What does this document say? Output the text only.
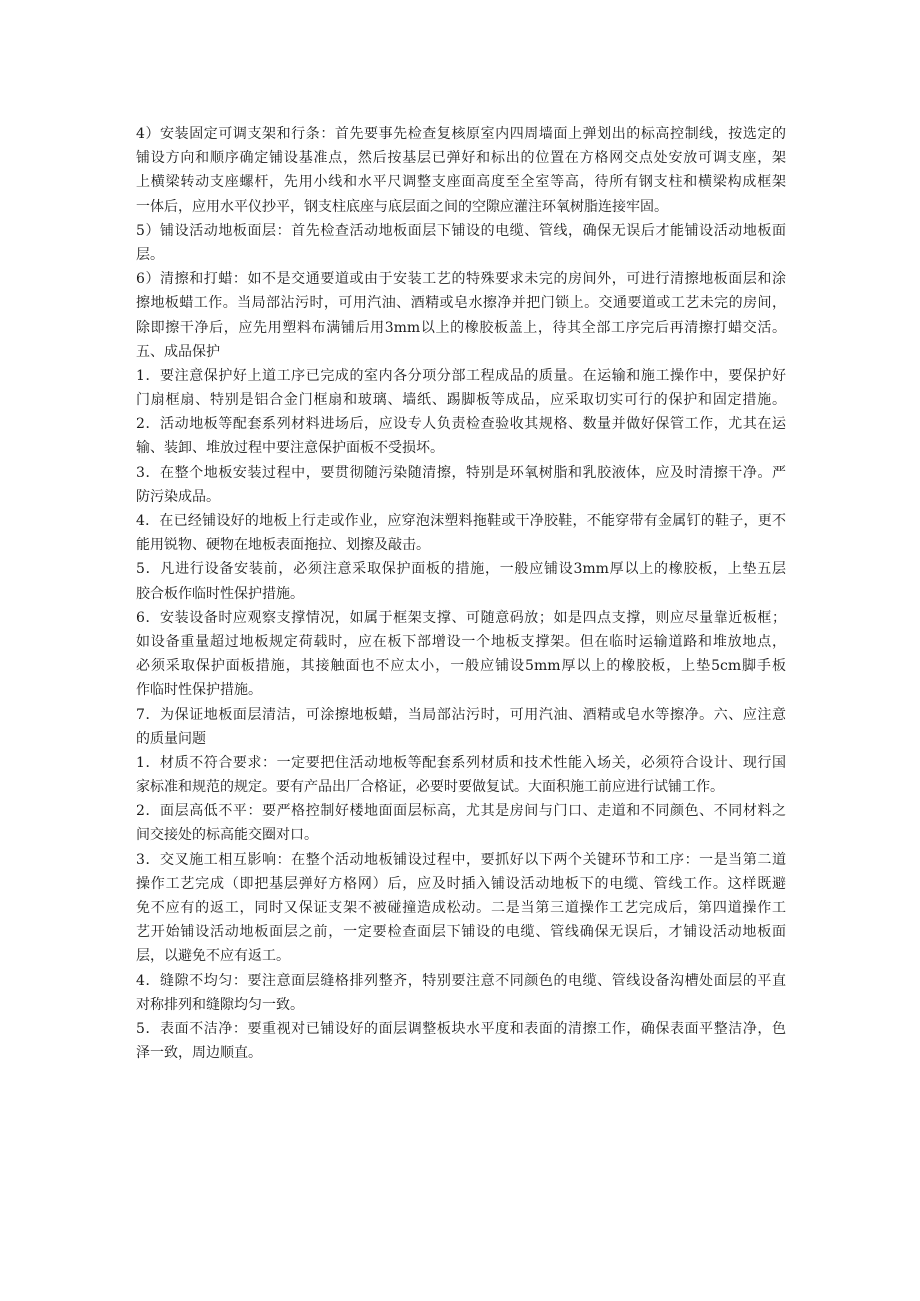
4）安装固定可调支架和行条：首先要事先检查复核原室内四周墙面上弹划出的标高控制线，按选定的
铺设方向和顺序确定铺设基准点，然后按基层已弹好和标出的位置在方格网交点处安放可调支座，架
上横梁转动支座螺杆，先用小线和水平尺调整支座面高度至全室等高，待所有钢支柱和横梁构成框架
一体后，应用水平仪抄平，钢支柱底座与底层面之间的空隙应灌注环氧树脂连接牢固。
5）铺设活动地板面层：首先检查活动地板面层下铺设的电缆、管线，确保无误后才能铺设活动地板面
层。
6）清擦和打蜡：如不是交通要道或由于安装工艺的特殊要求未完的房间外，可进行清擦地板面层和涂
擦地板蜡工作。当局部沾污时，可用汽油、酒精或皂水擦净并把门锁上。交通要道或工艺未完的房间，
除即擦干净后，应先用塑料布满铺后用3mm以上的橡胶板盖上，待其全部工序完后再清擦打蜡交活。
五、成品保护
1．要注意保护好上道工序已完成的室内各分项分部工程成品的质量。在运输和施工操作中，要保护好
门扇框扇、特别是铝合金门框扇和玻璃、墙纸、踢脚板等成品，应采取切实可行的保护和固定措施。
2．活动地板等配套系列材料进场后，应设专人负责检查验收其规格、数量并做好保管工作，尤其在运
输、装卸、堆放过程中要注意保护面板不受损坏。
3．在整个地板安装过程中，要贯彻随污染随清擦，特别是环氧树脂和乳胶液体，应及时清擦干净。严
防污染成品。
4．在已经铺设好的地板上行走或作业，应穿泡沫塑料拖鞋或干净胶鞋，不能穿带有金属钉的鞋子，更不
能用锐物、硬物在地板表面拖拉、划擦及敲击。
5．凡进行设备安装前，必须注意采取保护面板的措施，一般应铺设3mm厚以上的橡胶板，上垫五层
胶合板作临时性保护措施。
6．安装设备时应观察支撑情况，如属于框架支撑、可随意码放；如是四点支撑，则应尽量靠近板框；
如设备重量超过地板规定荷载时，应在板下部增设一个地板支撑架。但在临时运输道路和堆放地点，
必须采取保护面板措施，其接触面也不应太小，一般应铺设5mm厚以上的橡胶板，上垫5cm脚手板
作临时性保护措施。
7．为保证地板面层清洁，可涂擦地板蜡，当局部沾污时，可用汽油、酒精或皂水等擦净。六、应注意
的质量问题
1．材质不符合要求：一定要把住活动地板等配套系列材质和技术性能入场关，必须符合设计、现行国
家标准和规范的规定。要有产品出厂合格证，必要时要做复试。大面积施工前应进行试铺工作。
2．面层高低不平：要严格控制好楼地面面层标高，尤其是房间与门口、走道和不同颜色、不同材料之
间交接处的标高能交圈对口。
3．交叉施工相互影响：在整个活动地板铺设过程中，要抓好以下两个关键环节和工序：一是当第二道
操作工艺完成（即把基层弹好方格网）后，应及时插入铺设活动地板下的电缆、管线工作。这样既避
免不应有的返工，同时又保证支架不被碰撞造成松动。二是当第三道操作工艺完成后，第四道操作工
艺开始铺设活动地板面层之前，一定要检查面层下铺设的电缆、管线确保无误后，才铺设活动地板面
层，以避免不应有返工。
4．缝隙不均匀：要注意面层缝格排列整齐，特别要注意不同颜色的电缆、管线设备沟槽处面层的平直
对称排列和缝隙均匀一致。
5．表面不洁净：要重视对已铺设好的面层调整板块水平度和表面的清擦工作，确保表面平整洁净，色
泽一致，周边顺直。
